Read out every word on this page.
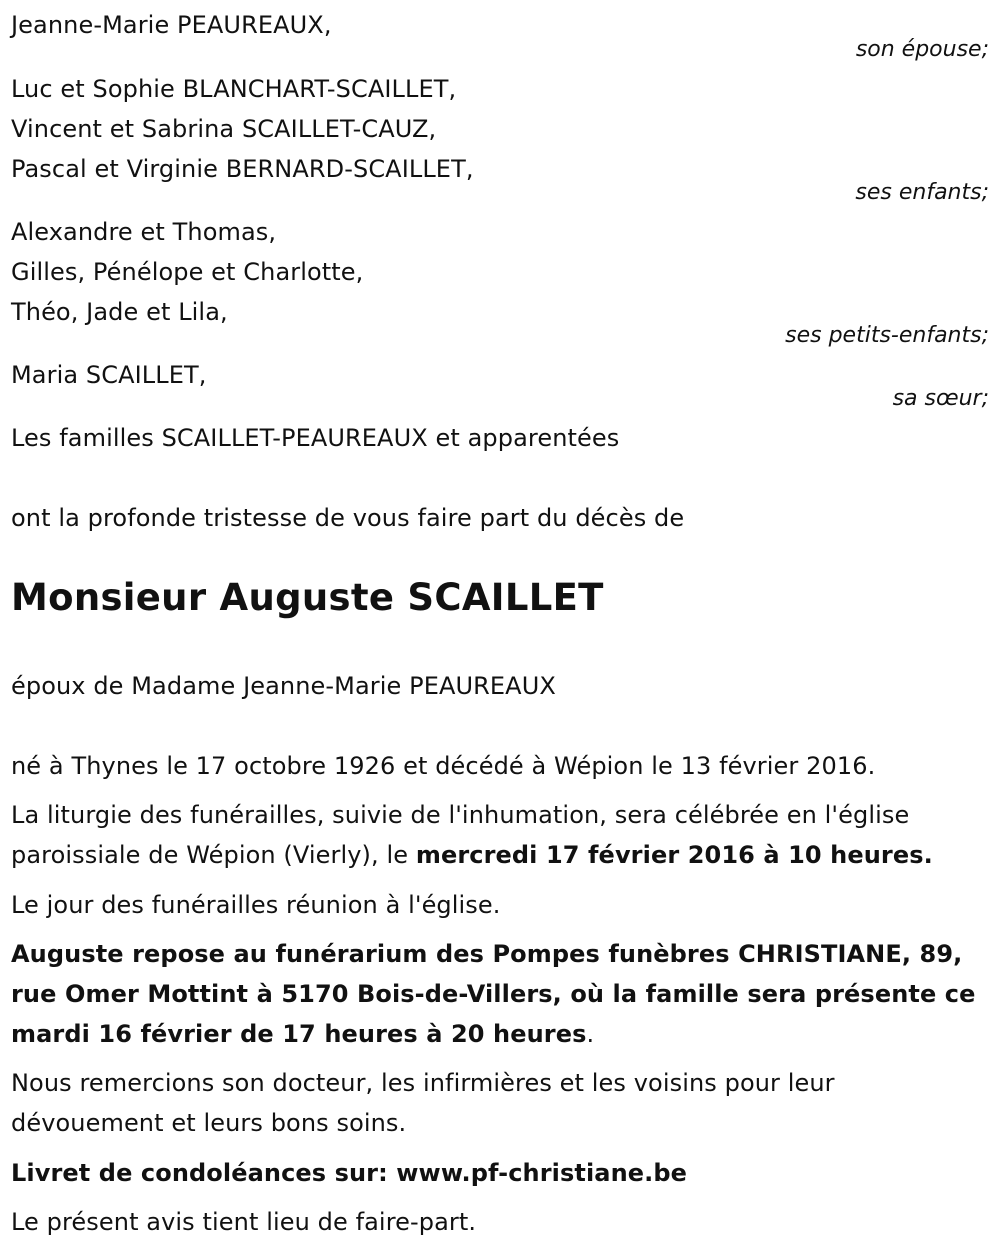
Jeanne-Marie PEAUREAUX,
son épouse;
Luc et Sophie BLANCHART-SCAILLET,
Vincent et Sabrina SCAILLET-CAUZ,
Pascal et Virginie BERNARD-SCAILLET,
ses enfants;
Alexandre et Thomas,
Gilles, Pénélope et Charlotte,
Théo, Jade et Lila,
ses petits-enfants;
Maria SCAILLET,
sa sœur;
Les familles SCAILLET-PEAUREAUX et apparentées
ont la profonde tristesse de vous faire part du décès de
Monsieur Auguste SCAILLET
époux de Madame Jeanne-Marie PEAUREAUX
né à Thynes le 17 octobre 1926 et décédé à Wépion le 13 février 2016.
La liturgie des funérailles, suivie de l'inhumation, sera célébrée en l'église
paroissiale de Wépion (Vierly), le mercredi 17 février 2016 à 10 heures.
Le jour des funérailles réunion à l'église.
Auguste repose au funérarium des Pompes funèbres CHRISTIANE, 89,
rue Omer Mottint à 5170 Bois-de-Villers, où la famille sera présente ce
mardi 16 février de 17 heures à 20 heures.
Nous remercions son docteur, les infirmières et les voisins pour leur
dévouement et leurs bons soins.
Livret de condoléances sur: www.pf-christiane.be
Le présent avis tient lieu de faire-part.
